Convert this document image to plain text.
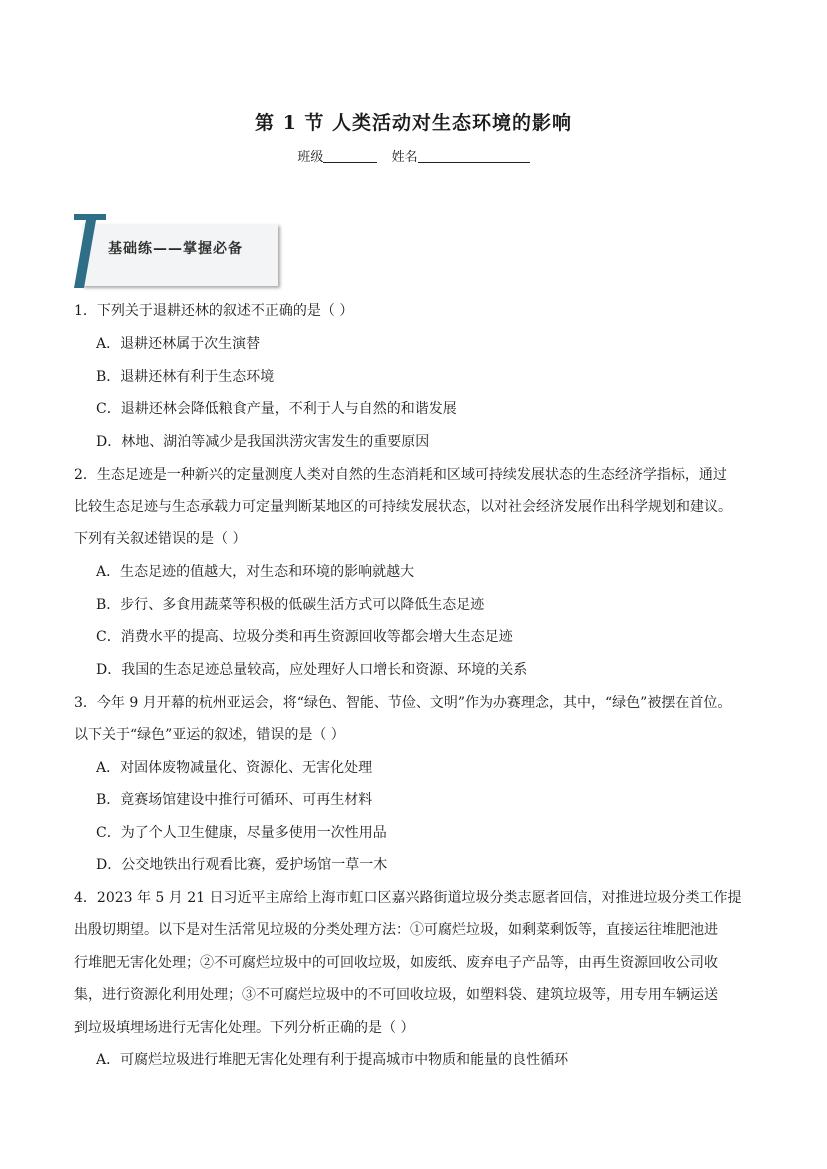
第 1 节 人类活动对生态环境的影响
班级	姓名
基础练——掌握必备
1．下列关于退耕还林的叙述不正确的是（ ）
A．退耕还林属于次生演替
B．退耕还林有利于生态环境
C．退耕还林会降低粮食产量，不利于人与自然的和谐发展
D．林地、湖泊等减少是我国洪涝灾害发生的重要原因
2．生态足迹是一种新兴的定量测度人类对自然的生态消耗和区域可持续发展状态的生态经济学指标，通过
比较生态足迹与生态承载力可定量判断某地区的可持续发展状态，以对社会经济发展作出科学规划和建议。
下列有关叙述错误的是（ ）
A．生态足迹的值越大，对生态和环境的影响就越大
B．步行、多食用蔬菜等积极的低碳生活方式可以降低生态足迹
C．消费水平的提高、垃圾分类和再生资源回收等都会增大生态足迹
D．我国的生态足迹总量较高，应处理好人口增长和资源、环境的关系
3．今年 9 月开幕的杭州亚运会，将“绿色、智能、节俭、文明”作为办赛理念，其中，“绿色”被摆在首位。
以下关于“绿色”亚运的叙述，错误的是（ ）
A．对固体废物减量化、资源化、无害化处理
B．竟赛场馆建设中推行可循环、可再生材料
C．为了个人卫生健康，尽量多使用一次性用品
D．公交地铁出行观看比赛，爱护场馆一草一木
4．2023 年 5 月 21 日习近平主席给上海市虹口区嘉兴路街道垃圾分类志愿者回信，对推进垃圾分类工作提
出殷切期望。以下是对生活常见垃圾的分类处理方法：①可腐烂垃圾，如剩菜剩饭等，直接运往堆肥池进
行堆肥无害化处理；②不可腐烂垃圾中的可回收垃圾，如废纸、废弃电子产品等，由再生资源回收公司收
集，进行资源化利用处理；③不可腐烂垃圾中的不可回收垃圾，如塑料袋、建筑垃圾等，用专用车辆运送
到垃圾填埋场进行无害化处理。下列分析正确的是（ ）
A．可腐烂垃圾进行堆肥无害化处理有利于提高城市中物质和能量的良性循环
